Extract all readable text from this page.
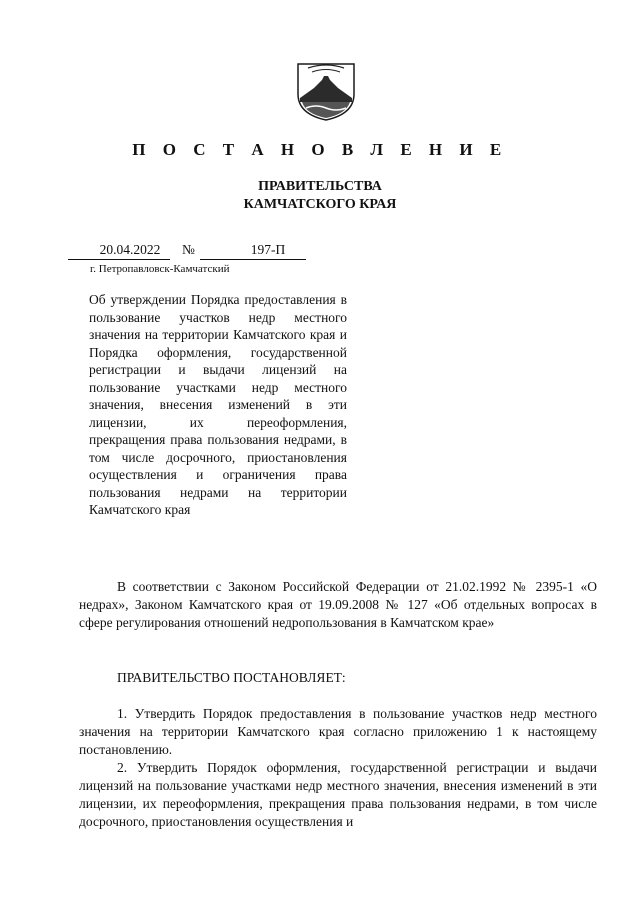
П О С Т А Н О В Л Е Н И Е
ПРАВИТЕЛЬСТВА
КАМЧАТСКОГО КРАЯ
20.04.2022	№	197-П
г. Петропавловск-Камчатский
Об утверждении Порядка предоставления в пользование участков недр местного значения на территории Камчатского края и Порядка оформления, государственной регистрации и выдачи лицензий на пользование участками недр местного значения, внесения изменений в эти лицензии, их переоформления, прекращения права пользования недрами, в том числе досрочного, приостановления осуществления и ограничения права пользования недрами на территории Камчатского края
В соответствии с Законом Российской Федерации от 21.02.1992 № 2395-1 «О недрах», Законом Камчатского края от 19.09.2008 № 127 «Об отдельных вопросах в сфере регулирования отношений недропользования в Камчатском крае»
ПРАВИТЕЛЬСТВО ПОСТАНОВЛЯЕТ:
1. Утвердить Порядок предоставления в пользование участков недр местного значения на территории Камчатского края согласно приложению 1 к настоящему постановлению.
2. Утвердить Порядок оформления, государственной регистрации и выдачи лицензий на пользование участками недр местного значения, внесения изменений в эти лицензии, их переоформления, прекращения права пользования недрами, в том числе досрочного, приостановления осуществления и
